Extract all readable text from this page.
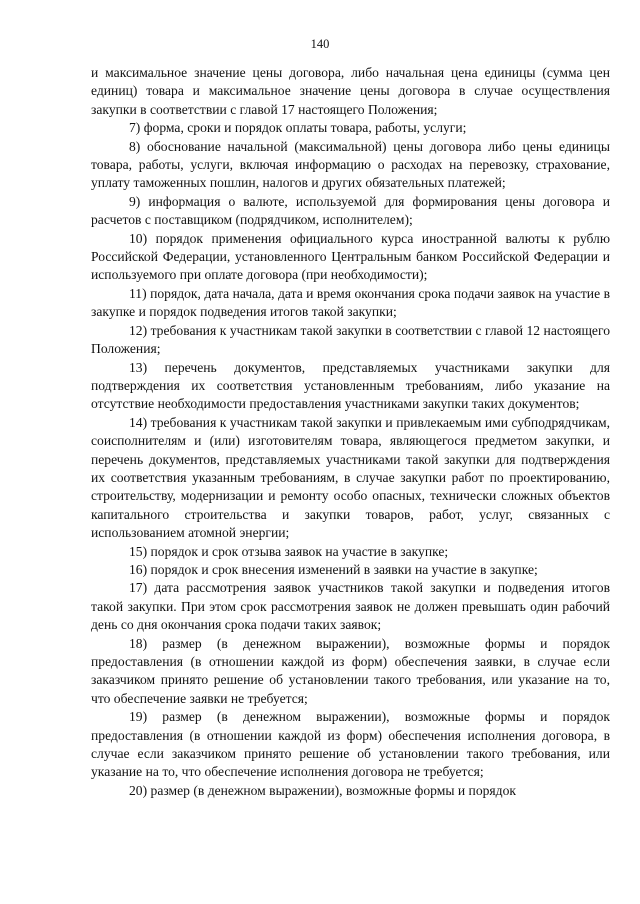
140

и максимальное значение цены договора, либо начальная цена единицы (сумма цен единиц) товара и максимальное значение цены договора в случае осуществления закупки в соответствии с главой 17 настоящего Положения;

7) форма, сроки и порядок оплаты товара, работы, услуги;

8) обоснование начальной (максимальной) цены договора либо цены единицы товара, работы, услуги, включая информацию о расходах на перевозку, страхование, уплату таможенных пошлин, налогов и других обязательных платежей;

9) информация о валюте, используемой для формирования цены договора и расчетов с поставщиком (подрядчиком, исполнителем);

10) порядок применения официального курса иностранной валюты к рублю Российской Федерации, установленного Центральным банком Российской Федерации и используемого при оплате договора (при необходимости);

11) порядок, дата начала, дата и время окончания срока подачи заявок на участие в закупке и порядок подведения итогов такой закупки;

12) требования к участникам такой закупки в соответствии с главой 12 настоящего Положения;

13) перечень документов, представляемых участниками закупки для подтверждения их соответствия установленным требованиям, либо указание на отсутствие необходимости предоставления участниками закупки таких документов;

14) требования к участникам такой закупки и привлекаемым ими субподрядчикам, соисполнителям и (или) изготовителям товара, являющегося предметом закупки, и перечень документов, представляемых участниками такой закупки для подтверждения их соответствия указанным требованиям, в случае закупки работ по проектированию, строительству, модернизации и ремонту особо опасных, технически сложных объектов капитального строительства и закупки товаров, работ, услуг, связанных с использованием атомной энергии;

15) порядок и срок отзыва заявок на участие в закупке;

16) порядок и срок внесения изменений в заявки на участие в закупке;

17) дата рассмотрения заявок участников такой закупки и подведения итогов такой закупки. При этом срок рассмотрения заявок не должен превышать один рабочий день со дня окончания срока подачи таких заявок;

18) размер (в денежном выражении), возможные формы и порядок предоставления (в отношении каждой из форм) обеспечения заявки, в случае если заказчиком принято решение об установлении такого требования, или указание на то, что обеспечение заявки не требуется;

19) размер (в денежном выражении), возможные формы и порядок предоставления (в отношении каждой из форм) обеспечения исполнения договора, в случае если заказчиком принято решение об установлении такого требования, или указание на то, что обеспечение исполнения договора не требуется;

20) размер (в денежном выражении), возможные формы и порядок
